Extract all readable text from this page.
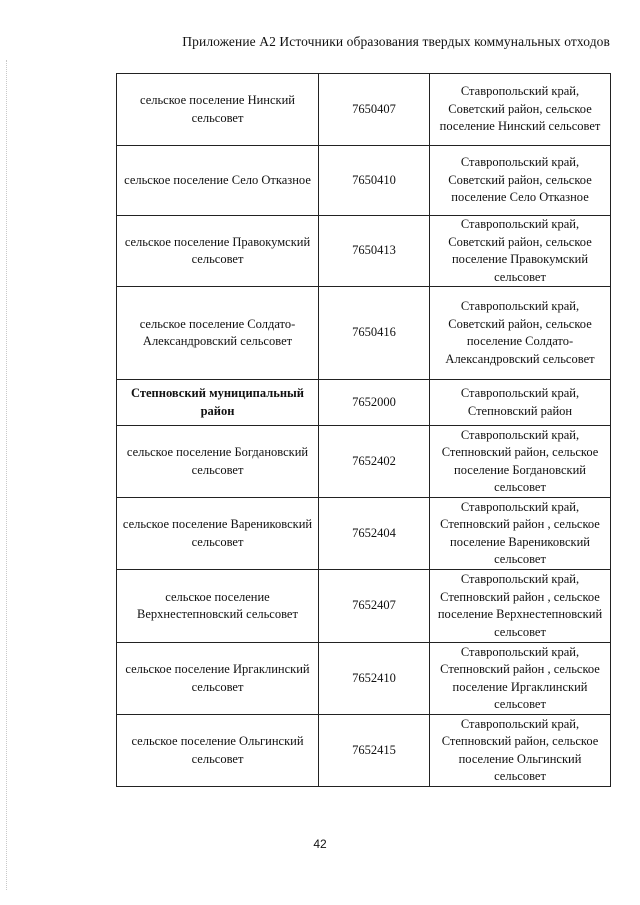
Приложение А2 Источники образования твердых коммунальных отходов
сельское поселение Нинский сельсовет	7650407	Ставропольский край, Советский район, сельское поселение Нинский сельсовет
сельское поселение Село Отказное	7650410	Ставропольский край, Советский район, сельское поселение Село Отказное
сельское поселение Правокумский сельсовет	7650413	Ставропольский край, Советский район, сельское поселение Правокумский сельсовет
сельское поселение Солдато-Александровский сельсовет	7650416	Ставропольский край, Советский район, сельское поселение Солдато-Александровский сельсовет
Степновский муниципальный район	7652000	Ставропольский край, Степновский район
сельское поселение Богдановский сельсовет	7652402	Ставропольский край, Степновский район, сельское поселение Богдановский сельсовет
сельское поселение Варениковский сельсовет	7652404	Ставропольский край, Степновский район , сельское поселение Варениковский сельсовет
сельское поселение Верхнестепновский сельсовет	7652407	Ставропольский край, Степновский район , сельское поселение Верхнестепновский сельсовет
сельское поселение Иргаклинский сельсовет	7652410	Ставропольский край, Степновский район , сельское поселение Иргаклинский сельсовет
сельское поселение Ольгинский сельсовет	7652415	Ставропольский край, Степновский район, сельское поселение Ольгинский сельсовет
42
